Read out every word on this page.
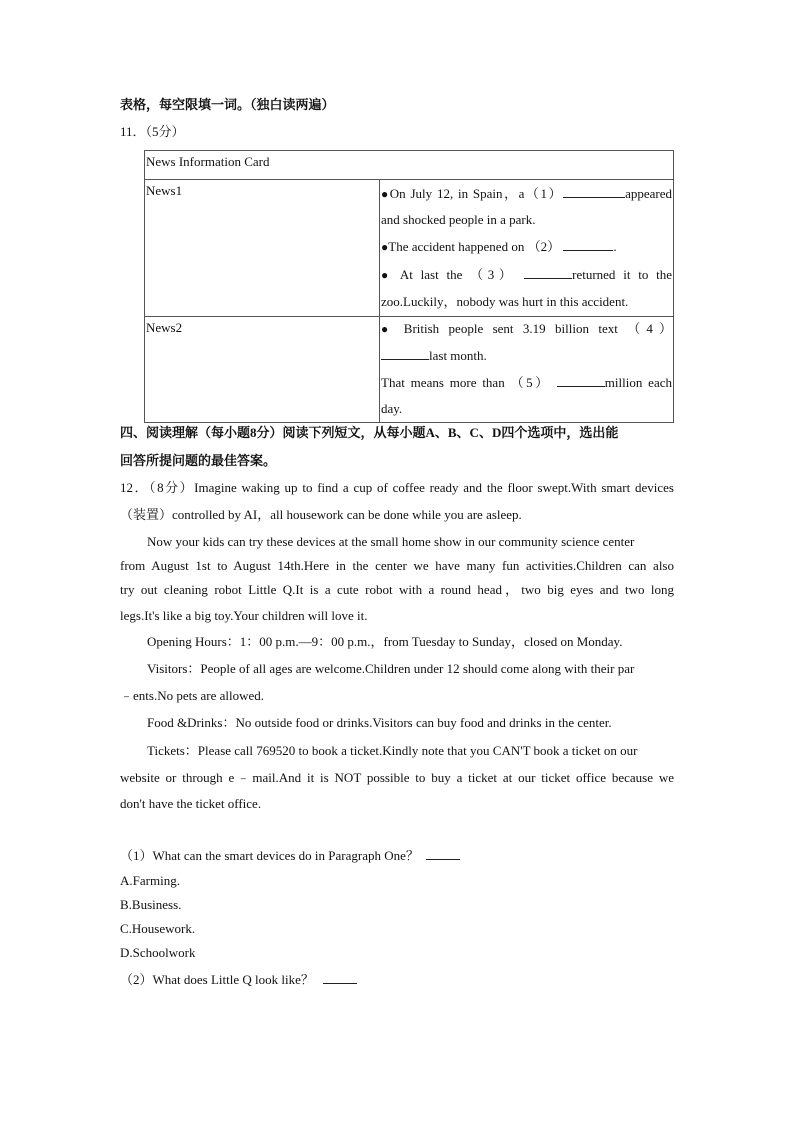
表格，每空限填一词。（独白读两遍）
11．（5分）
News Information Card	

News1	●On July 12, in Spain，a（1） appeared
and shocked people in a park.
●The accident happened on （2） .
● At last the （3） returned it to the
zoo.Luckily，nobody was hurt in this accident.

News2	● British people sent 3.19 billion text （4）
last month.
That means more than （5） million each
day.
四、阅读理解（每小题8分）阅读下列短文，从每小题A、B、C、D四个选项中，选出能
回答所提问题的最佳答案。
12．（8分）Imagine waking up to find a cup of coffee ready and the floor swept.With smart devices
（装置）controlled by AI，all housework can be done while you are asleep.
Now your kids can try these devices at the small home show in our community science center
from August 1st to August 14th.Here in the center we have many fun activities.Children can also
try out cleaning robot Little Q.It is a cute robot with a round head，two big eyes and two long
legs.It's like a big toy.Your children will love it.
Opening Hours：1：00 p.m.—9：00 p.m.，from Tuesday to Sunday，closed on Monday.
Visitors：People of all ages are welcome.Children under 12 should come along with their par
﹣ents.No pets are allowed.
Food &Drinks：No outside food or drinks.Visitors can buy food and drinks in the center.
Tickets：Please call 769520 to book a ticket.Kindly note that you CAN'T book a ticket on our
website or through e﹣mail.And it is NOT possible to buy a ticket at our ticket office because we
don't have the ticket office.
（1）What can the smart devices do in Paragraph One？
A.Farming.
B.Business.
C.Housework.
D.Schoolwork
（2）What does Little Q look like？
